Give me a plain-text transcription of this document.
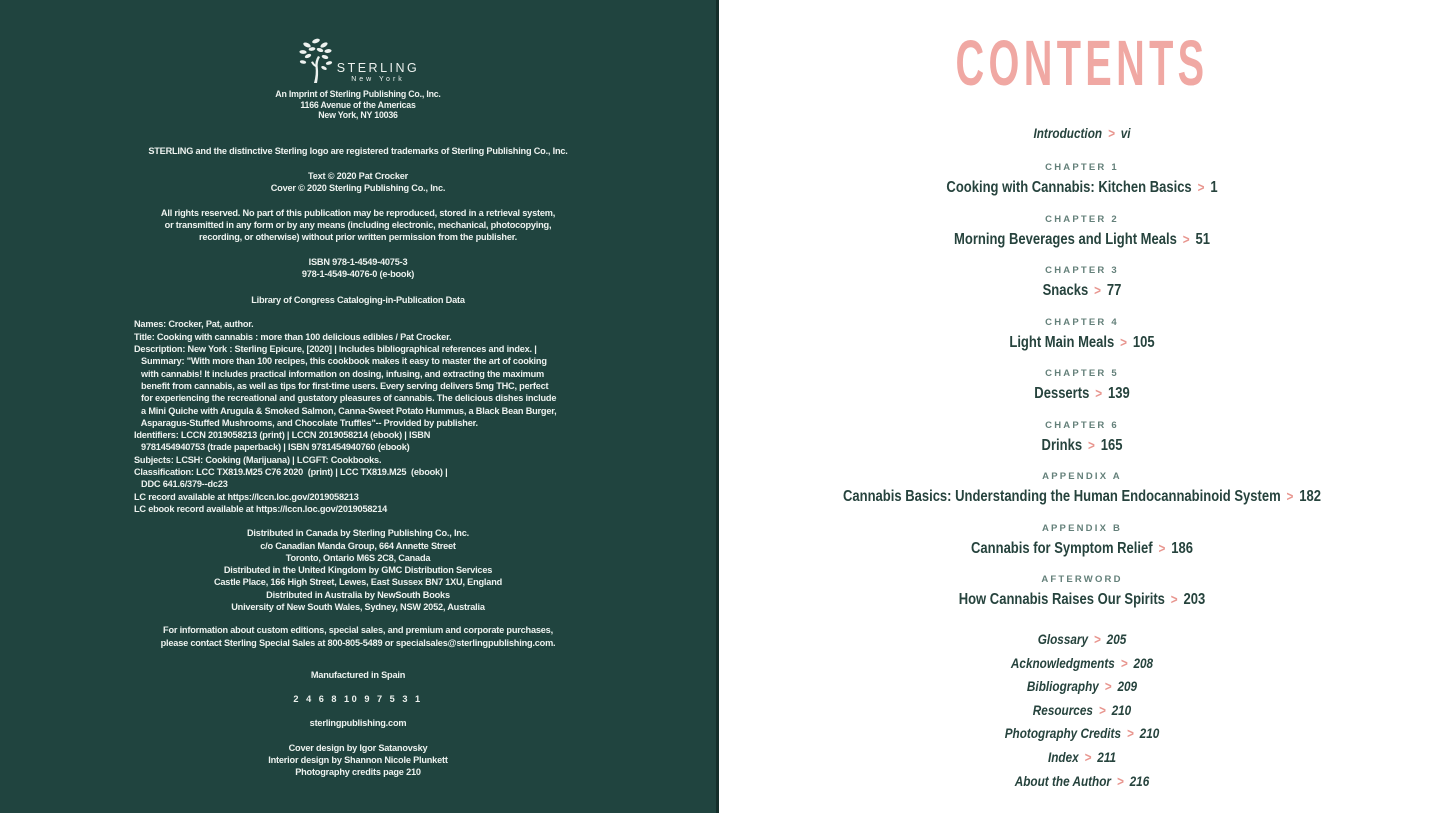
STERLING
New York
An Imprint of Sterling Publishing Co., Inc.
1166 Avenue of the Americas
New York, NY 10036
STERLING and the distinctive Sterling logo are registered trademarks of Sterling Publishing Co., Inc.
Text © 2020 Pat Crocker
Cover © 2020 Sterling Publishing Co., Inc.
All rights reserved. No part of this publication may be reproduced, stored in a retrieval system,
or transmitted in any form or by any means (including electronic, mechanical, photocopying,
recording, or otherwise) without prior written permission from the publisher.
ISBN 978-1-4549-4075-3
978-1-4549-4076-0 (e-book)
Library of Congress Cataloging-in-Publication Data
Names: Crocker, Pat, author.
Title: Cooking with cannabis : more than 100 delicious edibles / Pat Crocker.
Description: New York : Sterling Epicure, [2020] | Includes bibliographical references and index. |
Summary: "With more than 100 recipes, this cookbook makes it easy to master the art of cooking
with cannabis! It includes practical information on dosing, infusing, and extracting the maximum
benefit from cannabis, as well as tips for first-time users. Every serving delivers 5mg THC, perfect
for experiencing the recreational and gustatory pleasures of cannabis. The delicious dishes include
a Mini Quiche with Arugula & Smoked Salmon, Canna-Sweet Potato Hummus, a Black Bean Burger,
Asparagus-Stuffed Mushrooms, and Chocolate Truffles"-- Provided by publisher.
Identifiers: LCCN 2019058213 (print) | LCCN 2019058214 (ebook) | ISBN
9781454940753 (trade paperback) | ISBN 9781454940760 (ebook)
Subjects: LCSH: Cooking (Marijuana) | LCGFT: Cookbooks.
Classification: LCC TX819.M25 C76 2020  (print) | LCC TX819.M25  (ebook) |
DDC 641.6/379--dc23
LC record available at https://lccn.loc.gov/2019058213
LC ebook record available at https://lccn.loc.gov/2019058214
Distributed in Canada by Sterling Publishing Co., Inc.
c/o Canadian Manda Group, 664 Annette Street
Toronto, Ontario M6S 2C8, Canada
Distributed in the United Kingdom by GMC Distribution Services
Castle Place, 166 High Street, Lewes, East Sussex BN7 1XU, England
Distributed in Australia by NewSouth Books
University of New South Wales, Sydney, NSW 2052, Australia
For information about custom editions, special sales, and premium and corporate purchases,
please contact Sterling Special Sales at 800-805-5489 or specialsales@sterlingpublishing.com.
Manufactured in Spain
2 4 6 8 10 9 7 5 3 1
sterlingpublishing.com
Cover design by Igor Satanovsky
Interior design by Shannon Nicole Plunkett
Photography credits page 210
CONTENTS
Introduction > vi
CHAPTER 1
Cooking with Cannabis: Kitchen Basics > 1
CHAPTER 2
Morning Beverages and Light Meals > 51
CHAPTER 3
Snacks > 77
CHAPTER 4
Light Main Meals > 105
CHAPTER 5
Desserts > 139
CHAPTER 6
Drinks > 165
APPENDIX A
Cannabis Basics: Understanding the Human Endocannabinoid System > 182
APPENDIX B
Cannabis for Symptom Relief > 186
AFTERWORD
How Cannabis Raises Our Spirits > 203
Glossary > 205
Acknowledgments > 208
Bibliography > 209
Resources > 210
Photography Credits > 210
Index > 211
About the Author > 216
